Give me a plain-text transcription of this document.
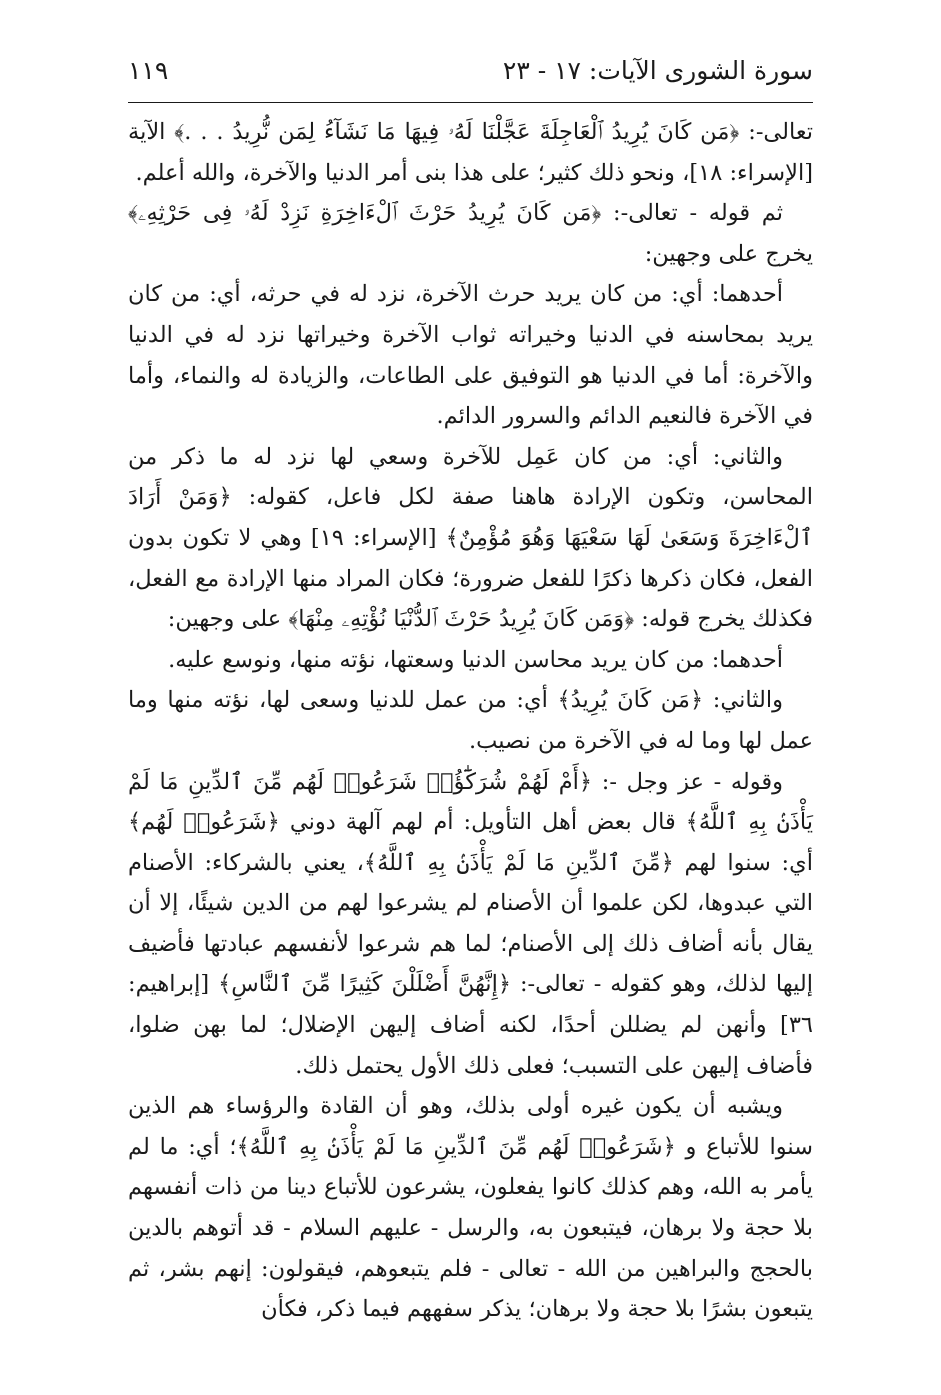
سورة الشورى الآيات: ١٧ - ٢٣
١١٩

تعالى-: ﴿مَن كَانَ يُرِيدُ ٱلْعَاجِلَةَ عَجَّلْنَا لَهُۥ فِيهَا مَا نَشَآءُ لِمَن نُّرِيدُ . . .﴾ الآية [الإسراء: ١٨]، ونحو ذلك كثير؛ على هذا بنى أمر الدنيا والآخرة، والله أعلم.

ثم قوله - تعالى-: ﴿مَن كَانَ يُرِيدُ حَرْثَ ٱلْءَاخِرَةِ نَزِدْ لَهُۥ فِى حَرْثِهِۦ﴾ يخرج على وجهين:

أحدهما: أي: من كان يريد حرث الآخرة، نزد له في حرثه، أي: من كان يريد بمحاسنه في الدنيا وخيراته ثواب الآخرة وخيراتها نزد له في الدنيا والآخرة: أما في الدنيا هو التوفيق على الطاعات، والزيادة له والنماء، وأما في الآخرة فالنعيم الدائم والسرور الدائم.

والثاني: أي: من كان عَمِل للآخرة وسعي لها نزد له ما ذكر من المحاسن، وتكون الإرادة هاهنا صفة لكل فاعل، كقوله: ﴿وَمَنْ أَرَادَ ٱلْءَاخِرَةَ وَسَعَىٰ لَهَا سَعْيَهَا وَهُوَ مُؤْمِنٌ﴾ [الإسراء: ١٩] وهي لا تكون بدون الفعل، فكان ذكرها ذكرًا للفعل ضرورة؛ فكان المراد منها الإرادة مع الفعل، فكذلك يخرج قوله: ﴿وَمَن كَانَ يُرِيدُ حَرْثَ ٱلدُّنْيَا نُؤْتِهِۦ مِنْهَا﴾ على وجهين:

أحدهما: من كان يريد محاسن الدنيا وسعتها، نؤته منها، ونوسع عليه.

والثاني: ﴿مَن كَانَ يُرِيدُ﴾ أي: من عمل للدنيا وسعى لها، نؤته منها وما عمل لها وما له في الآخرة من نصيب.

وقوله - عز وجل -: ﴿أَمْ لَهُمْ شُرَكَٰٓؤُا۟ شَرَعُوا۟ لَهُم مِّنَ ٱلدِّينِ مَا لَمْ يَأْذَنۢ بِهِ ٱللَّهُ﴾ قال بعض أهل التأويل: أم لهم آلهة دوني ﴿شَرَعُوا۟ لَهُم﴾ أي: سنوا لهم ﴿مِّنَ ٱلدِّينِ مَا لَمْ يَأْذَنۢ بِهِ ٱللَّهُ﴾، يعني بالشركاء: الأصنام التي عبدوها، لكن علموا أن الأصنام لم يشرعوا لهم من الدين شيئًا، إلا أن يقال بأنه أضاف ذلك إلى الأصنام؛ لما هم شرعوا لأنفسهم عبادتها فأضيف إليها لذلك، وهو كقوله - تعالى-: ﴿إِنَّهُنَّ أَضْلَلْنَ كَثِيرًا مِّنَ ٱلنَّاسِ﴾ [إبراهيم: ٣٦] وأنهن لم يضللن أحدًا، لكنه أضاف إليهن الإضلال؛ لما بهن ضلوا، فأضاف إليهن على التسبب؛ فعلى ذلك الأول يحتمل ذلك.

ويشبه أن يكون غيره أولى بذلك، وهو أن القادة والرؤساء هم الذين سنوا للأتباع و ﴿شَرَعُوا۟ لَهُم مِّنَ ٱلدِّينِ مَا لَمْ يَأْذَنۢ بِهِ ٱللَّهُ﴾؛ أي: ما لم يأمر به الله، وهم كذلك كانوا يفعلون، يشرعون للأتباع دينا من ذات أنفسهم بلا حجة ولا برهان، فيتبعون به، والرسل - عليهم السلام - قد أتوهم بالدين بالحجج والبراهين من الله - تعالى - فلم يتبعوهم، فيقولون: إنهم بشر، ثم يتبعون بشرًا بلا حجة ولا برهان؛ يذكر سفههم فيما ذكر، فكأن
